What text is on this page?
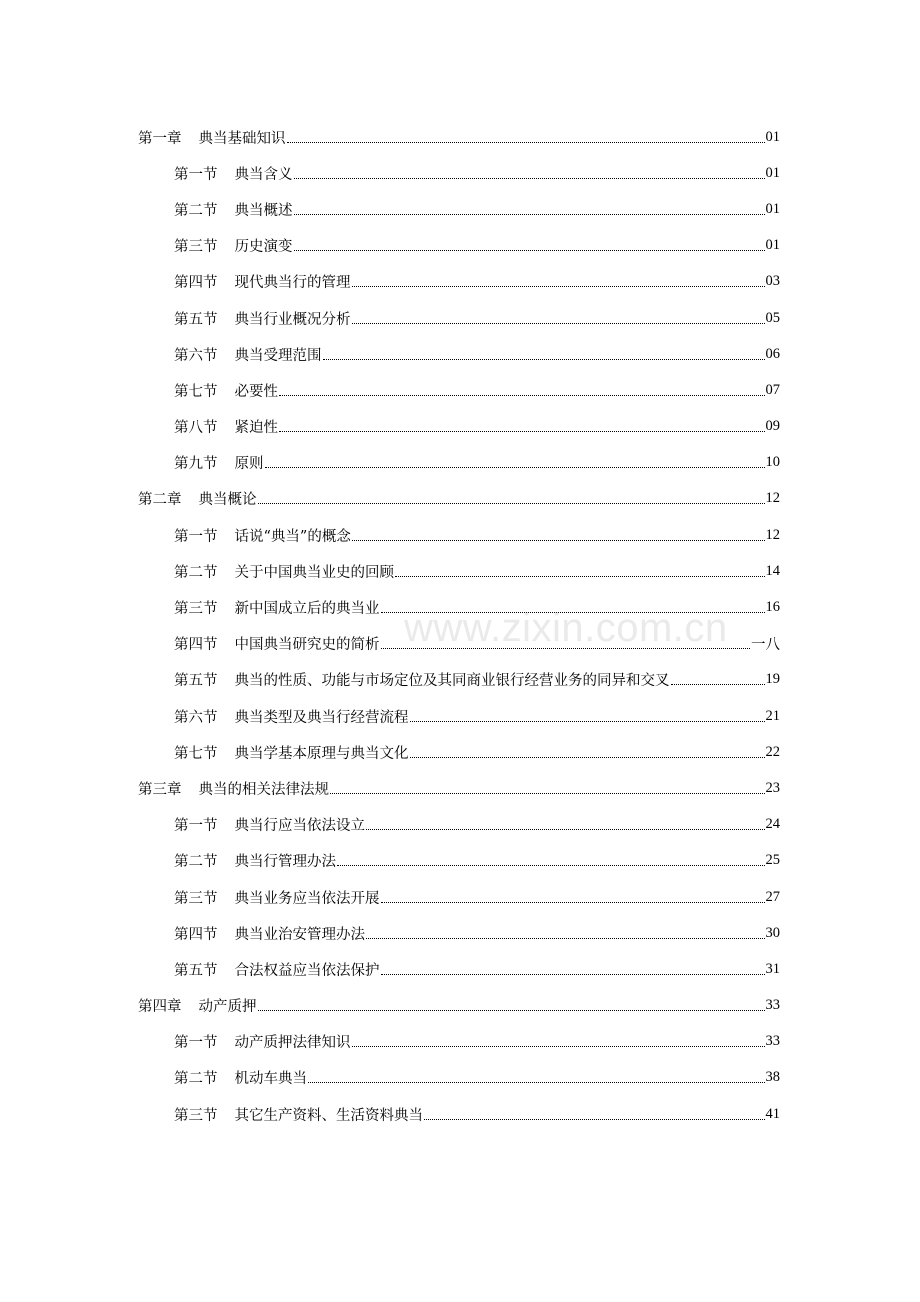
第一章 典当基础知识	01
第一节 典当含义	01
第二节 典当概述	01
第三节 历史演变	01
第四节 现代典当行的管理	03
第五节 典当行业概况分析	05
第六节 典当受理范围	06
第七节 必要性	07
第八节 紧迫性	09
第九节 原则	10
第二章 典当概论	12
第一节 话说“典当”的概念	12
第二节 关于中国典当业史的回顾	14
第三节 新中国成立后的典当业	16
第四节 中国典当研究史的简析	一八
第五节 典当的性质、功能与市场定位及其同商业银行经营业务的同异和交叉	19
第六节 典当类型及典当行经营流程	21
第七节 典当学基本原理与典当文化	22
第三章 典当的相关法律法规	23
第一节 典当行应当依法设立	24
第二节 典当行管理办法	25
第三节 典当业务应当依法开展	27
第四节 典当业治安管理办法	30
第五节 合法权益应当依法保护	31
第四章 动产质押	33
第一节 动产质押法律知识	33
第二节 机动车典当	38
第三节 其它生产资料、生活资料典当	41
www.zixin.com.cn
